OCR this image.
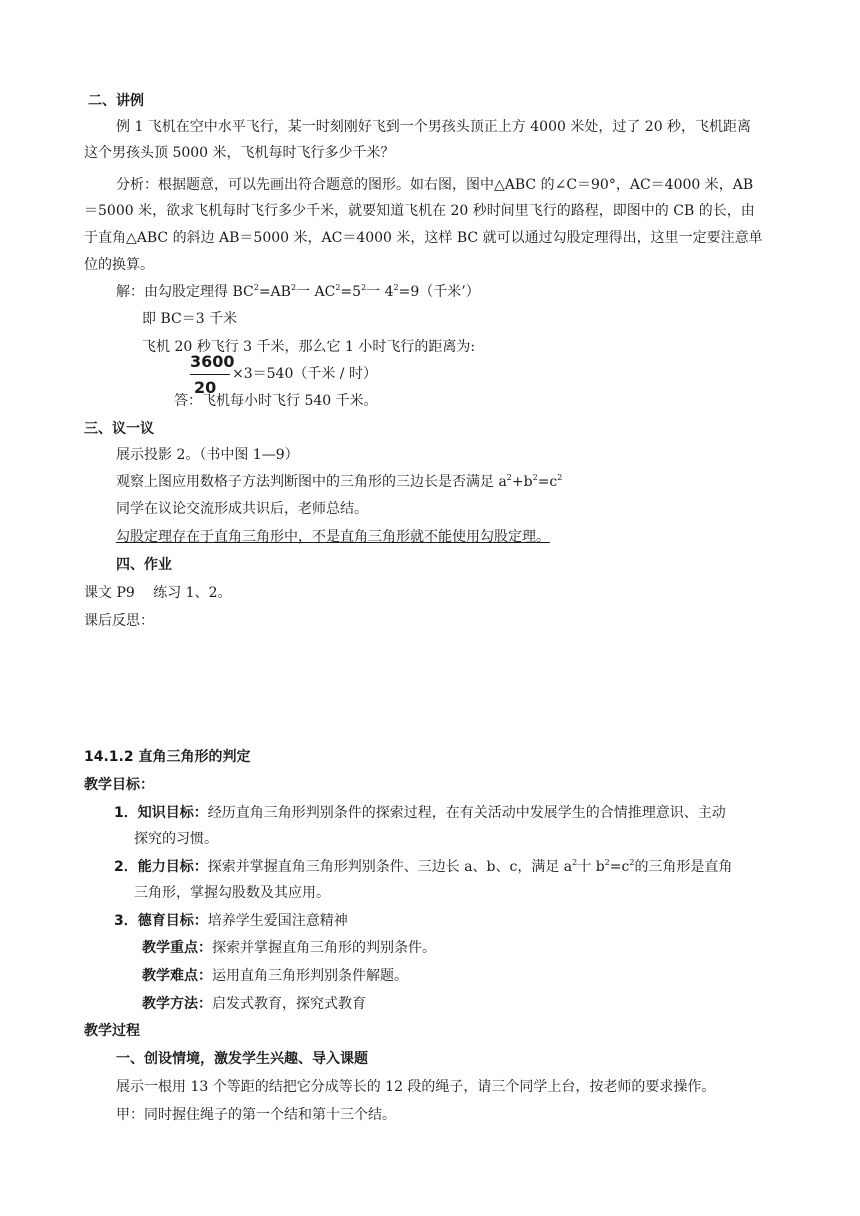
二、讲例
例 1 飞机在空中水平飞行，某一时刻刚好飞到一个男孩头顶正上方 4000 米处，过了 20 秒，飞机距离
这个男孩头顶 5000 米，飞机每时飞行多少千米？
分析：根据题意，可以先画出符合题意的图形。如右图，图中△ABC 的∠C＝90°，AC＝4000 米，AB
＝5000 米，欲求飞机每时飞行多少千米，就要知道飞机在 20 秒时间里飞行的路程，即图中的 CB 的长，由
于直角△ABC 的斜边 AB＝5000 米，AC＝4000 米，这样 BC 就可以通过勾股定理得出，这里一定要注意单
位的换算。
解：由勾股定理得 $BC^2=AB^2$一 $AC^2=5^2$一 $4^2=9$（千米’）
即 BC＝3 千米
飞机 20 秒飞行 3 千米，那么它 1 小时飞行的距离为:
3600
20
×3＝540（千米 / 时）
答：飞机每小时飞行 540 千米。
三、议一议
展示投影 2。（书中图 1—9）
观察上图应用数格子方法判断图中的三角形的三边长是否满足 $a^2+b^2=c^2$
同学在议论交流形成共识后，老师总结。
勾股定理存在于直角三角形中，不是直角三角形就不能使用勾股定理。
四、作业
课文 P9　 练习 1、2。
课后反思：
14.1.2 直角三角形的判定
教学目标：
1．知识目标：经历直角三角形判别条件的探索过程，在有关活动中发展学生的合情推理意识、主动
探究的习惯。
2．能力目标：探索并掌握直角三角形判别条件、三边长 a、b、c，满足 $a^2$十 $b^2=c^2$的三角形是直角
三角形，掌握勾股数及其应用。
3．德育目标：培养学生爱国注意精神
教学重点：探索并掌握直角三角形的判别条件。
教学难点：运用直角三角形判别条件解题。
教学方法：启发式教育，探究式教育
教学过程
一、创设情境，激发学生兴趣、导入课题
展示一根用 13 个等距的结把它分成等长的 12 段的绳子，请三个同学上台，按老师的要求操作。
甲：同时握住绳子的第一个结和第十三个结。
